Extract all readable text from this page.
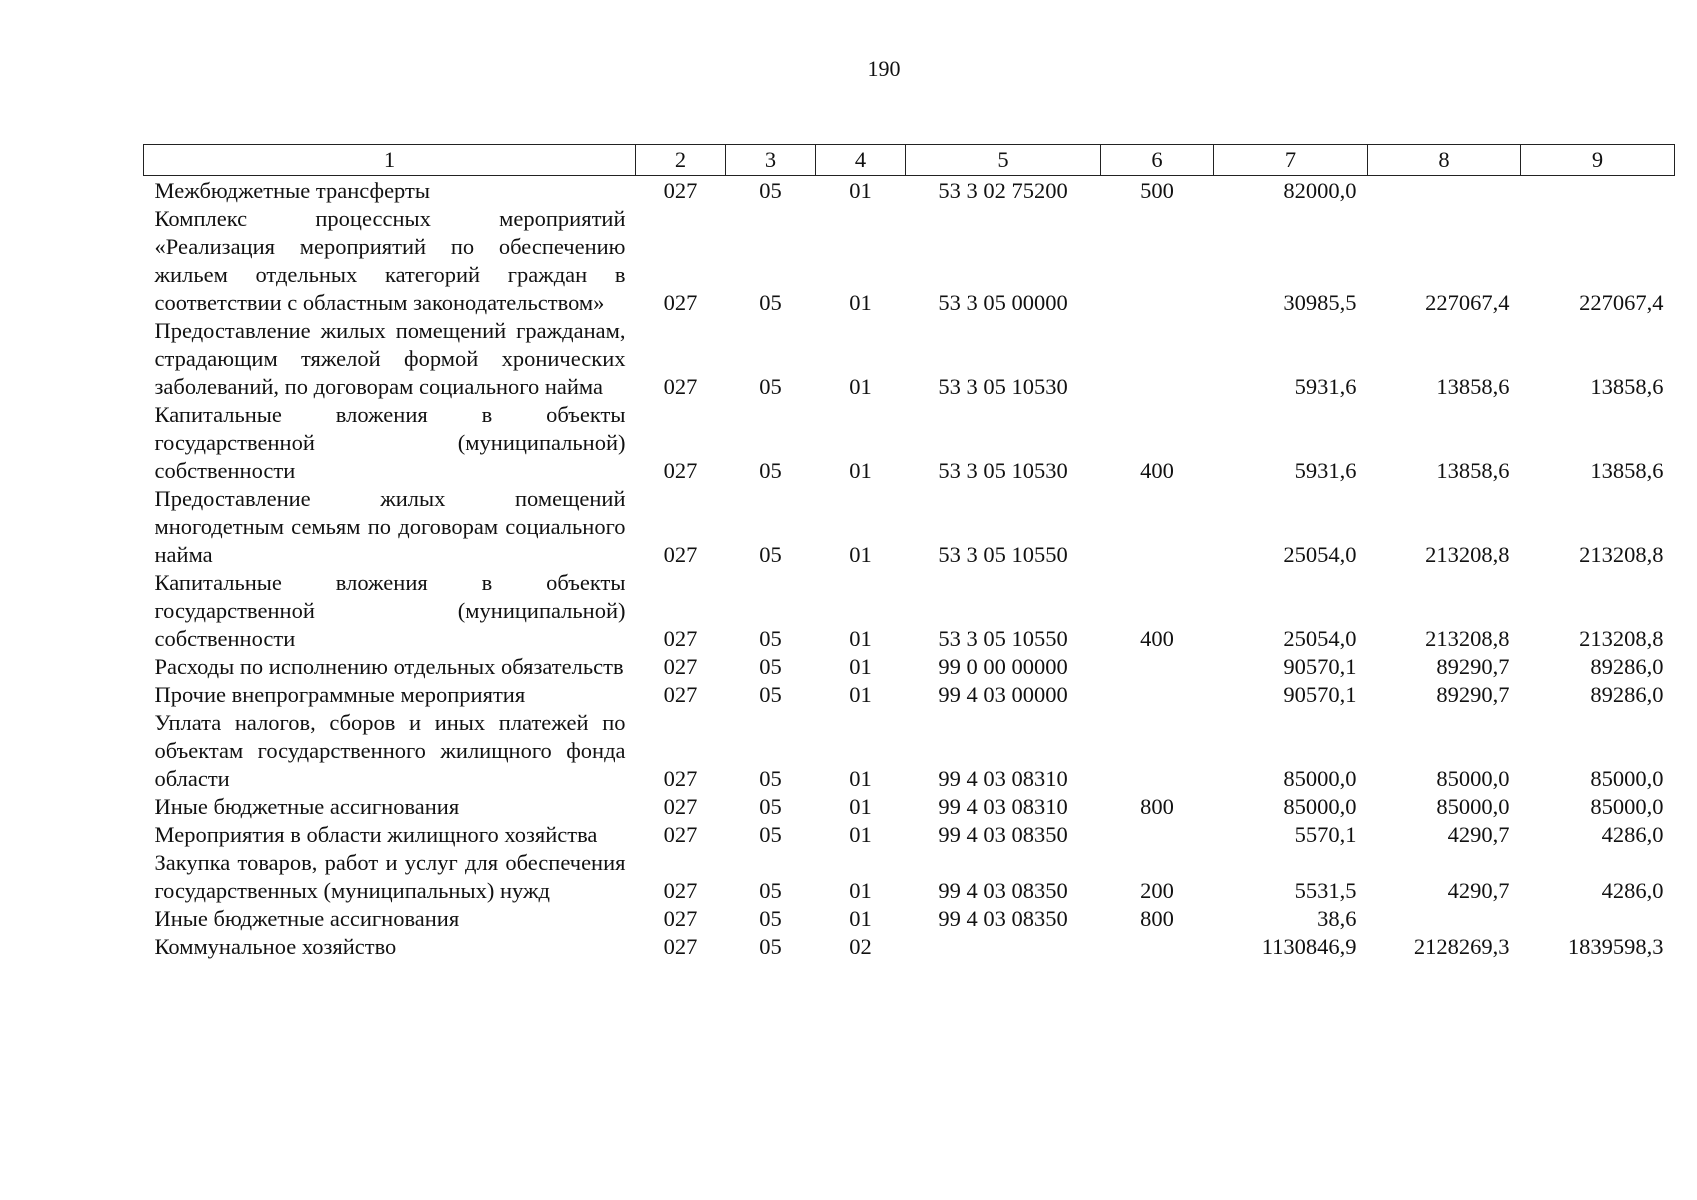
190
1	2	3	4	5	6	7	8	9
Межбюджетные трансферты	027	05	01	53 3 02 75200	500	82000,0		
Комплекс процессных мероприятий «Реализация мероприятий по обеспечению жильем отдельных категорий граждан в соответствии с областным законодательством»	027	05	01	53 3 05 00000		30985,5	227067,4	227067,4
Предоставление жилых помещений гражданам, страдающим тяжелой формой хронических заболеваний, по договорам социального найма	027	05	01	53 3 05 10530		5931,6	13858,6	13858,6
Капитальные вложения в объекты государственной (муниципальной) собственности	027	05	01	53 3 05 10530	400	5931,6	13858,6	13858,6
Предоставление жилых помещений многодетным семьям по договорам социального найма	027	05	01	53 3 05 10550		25054,0	213208,8	213208,8
Капитальные вложения в объекты государственной (муниципальной) собственности	027	05	01	53 3 05 10550	400	25054,0	213208,8	213208,8
Расходы по исполнению отдельных обязательств	027	05	01	99 0 00 00000		90570,1	89290,7	89286,0
Прочие внепрограммные мероприятия	027	05	01	99 4 03 00000		90570,1	89290,7	89286,0
Уплата налогов, сборов и иных платежей по объектам государственного жилищного фонда области	027	05	01	99 4 03 08310		85000,0	85000,0	85000,0
Иные бюджетные ассигнования	027	05	01	99 4 03 08310	800	85000,0	85000,0	85000,0
Мероприятия в области жилищного хозяйства	027	05	01	99 4 03 08350		5570,1	4290,7	4286,0
Закупка товаров, работ и услуг для обеспечения государственных (муниципальных) нужд	027	05	01	99 4 03 08350	200	5531,5	4290,7	4286,0
Иные бюджетные ассигнования	027	05	01	99 4 03 08350	800	38,6		
Коммунальное хозяйство	027	05	02			1130846,9	2128269,3	1839598,3
